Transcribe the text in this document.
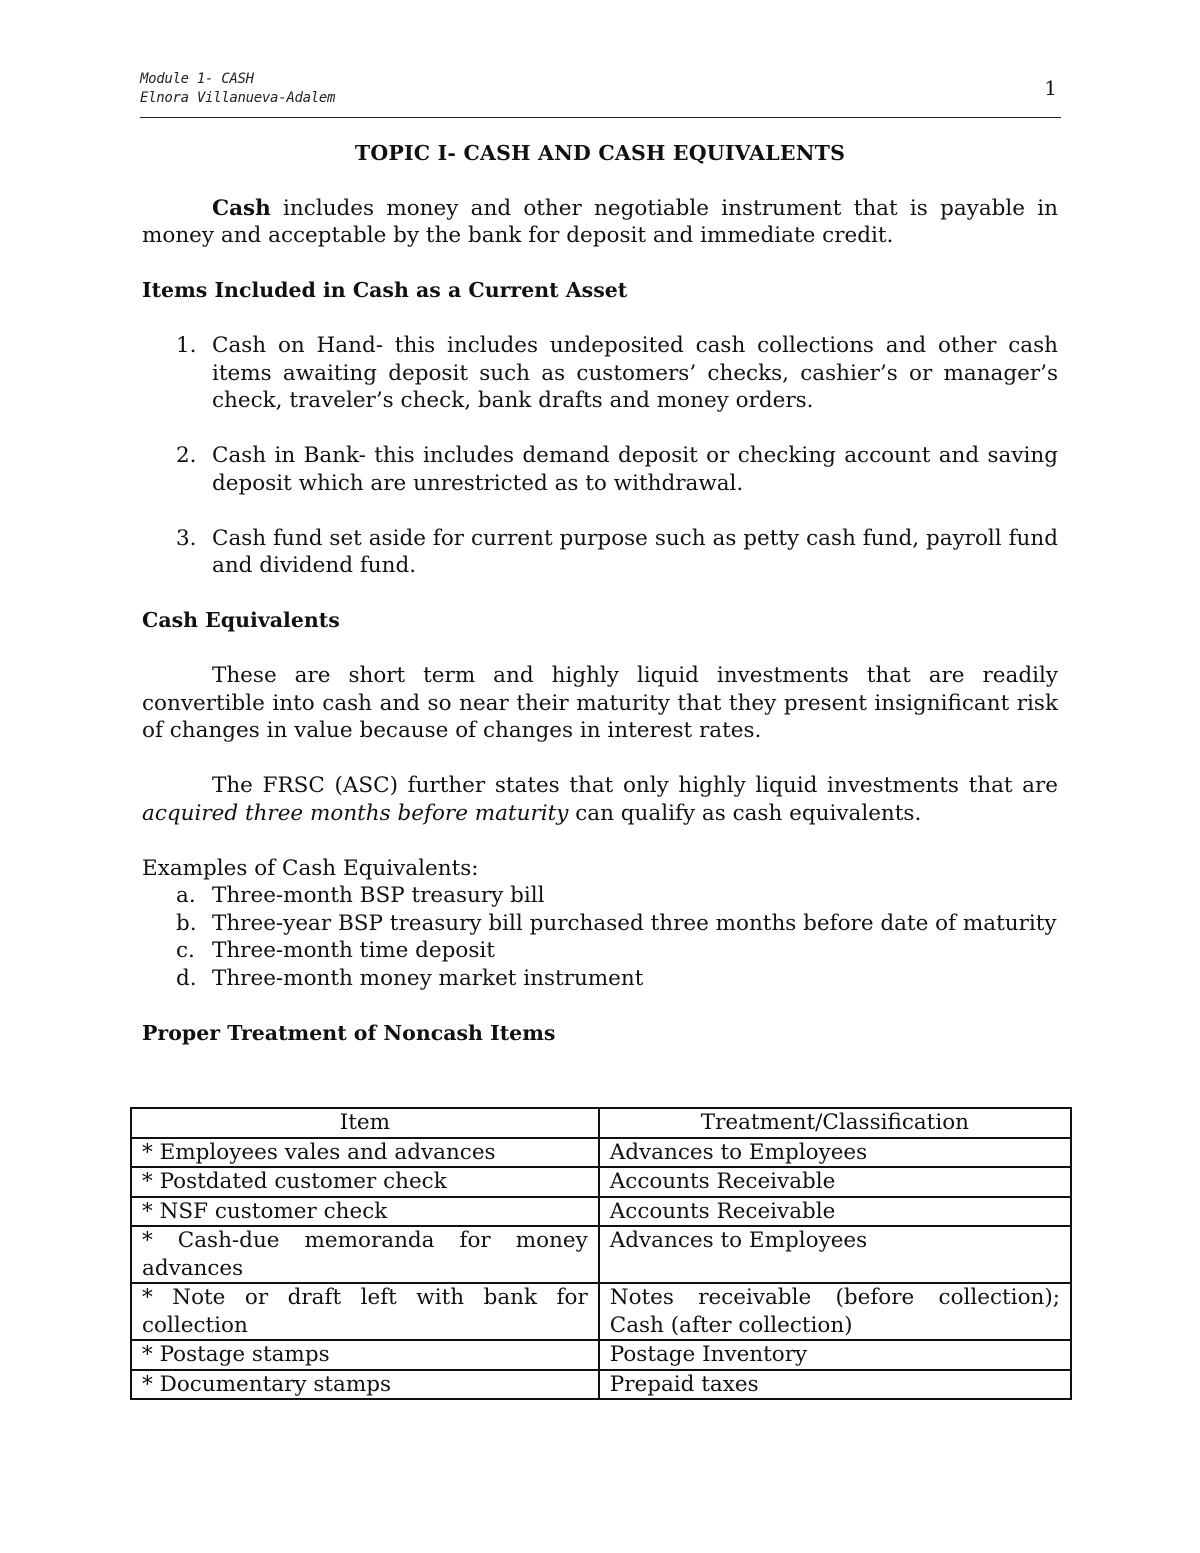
Module 1- CASH
Elnora Villanueva-Adalem	1
TOPIC I- CASH AND CASH EQUIVALENTS

Cash includes money and other negotiable instrument that is payable in money and acceptable by the bank for deposit and immediate credit.

Items Included in Cash as a Current Asset
1. Cash on Hand- this includes undeposited cash collections and other cash items awaiting deposit such as customers’ checks, cashier’s or manager’s check, traveler’s check, bank drafts and money orders.
2. Cash in Bank- this includes demand deposit or checking account and saving deposit which are unrestricted as to withdrawal.
3. Cash fund set aside for current purpose such as petty cash fund, payroll fund and dividend fund.
Cash Equivalents

These are short term and highly liquid investments that are readily convertible into cash and so near their maturity that they present insignificant risk of changes in value because of changes in interest rates.

The FRSC (ASC) further states that only highly liquid investments that are acquired three months before maturity can qualify as cash equivalents.

Examples of Cash Equivalents:
a. Three-month BSP treasury bill
b. Three-year BSP treasury bill purchased three months before date of maturity
c. Three-month time deposit
d. Three-month money market instrument
Proper Treatment of Noncash Items
Item	Treatment/Classification
* Employees vales and advances	Advances to Employees
* Postdated customer check	Accounts Receivable
* NSF customer check	Accounts Receivable
* Cash-due memoranda for money advances	Advances to Employees
* Note or draft left with bank for collection	Notes receivable (before collection); Cash (after collection)
* Postage stamps	Postage Inventory
* Documentary stamps	Prepaid taxes
